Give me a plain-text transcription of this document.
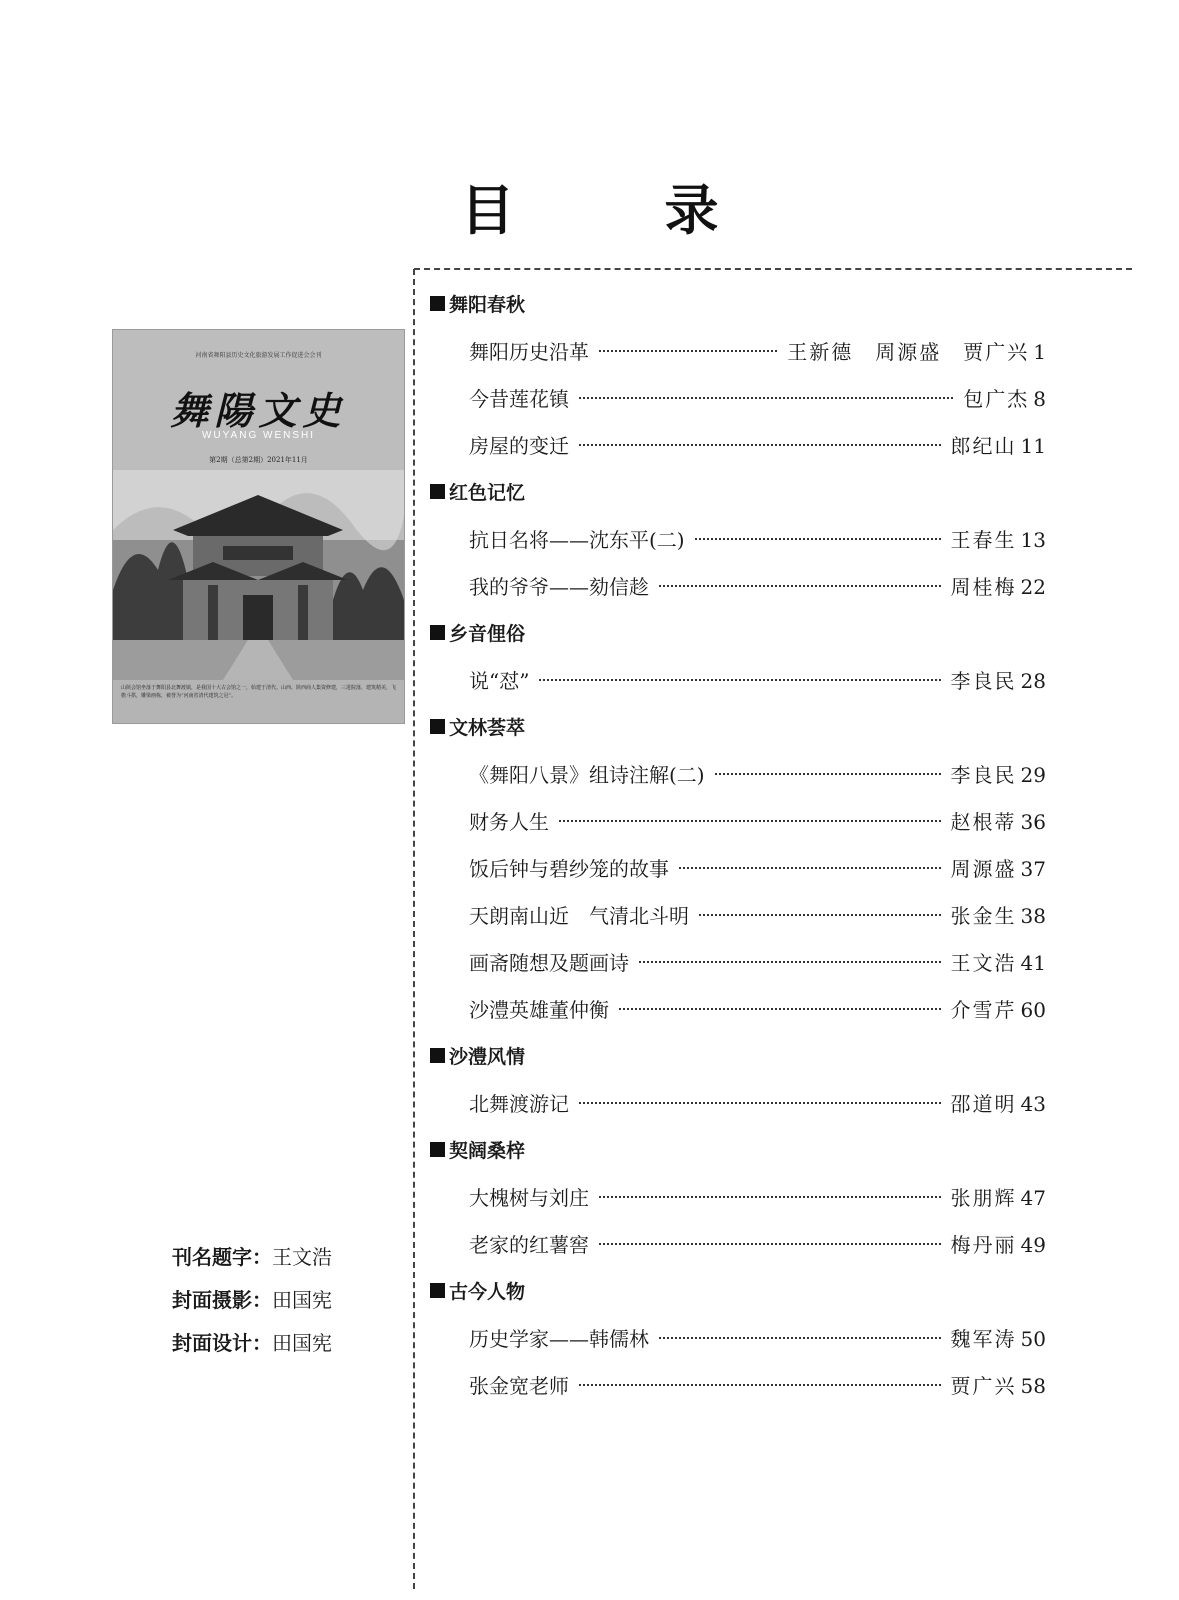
目　录
河南省舞阳县历史文化旅游发展工作促进会会刊
舞陽文史
WUYANG WENSHI
第2期（总第2期）2021年11月
山陕会馆坐落于舞阳县北舞渡镇，是我国十大古会馆之一，始建于清代。山西、陕西商人集资修建，三进院落，建筑精美，飞檐斗拱，雕梁画栋，被誉为“河南省清代建筑之冠”。
刊名题字：王文浩
封面摄影：田国宪
封面设计：田国宪
舞阳春秋
舞阳历史沿革	王新德　周源盛　贾广兴 1
今昔莲花镇	包广杰 8
房屋的变迁	郎纪山 11
红色记忆
抗日名将——沈东平(二)	王春生 13
我的爷爷——劾信趁	周桂梅 22
乡音俚俗
说“怼”	李良民 28
文林荟萃
《舞阳八景》组诗注解(二)	李良民 29
财务人生	赵根蒂 36
饭后钟与碧纱笼的故事	周源盛 37
天朗南山近　气清北斗明	张金生 38
画斋随想及题画诗	王文浩 41
沙澧英雄董仲衡	介雪芹 60
沙澧风情
北舞渡游记	邵道明 43
契阔桑梓
大槐树与刘庄	张朋辉 47
老家的红薯窖	梅丹丽 49
古今人物
历史学家——韩儒林	魏军涛 50
张金宽老师	贾广兴 58
